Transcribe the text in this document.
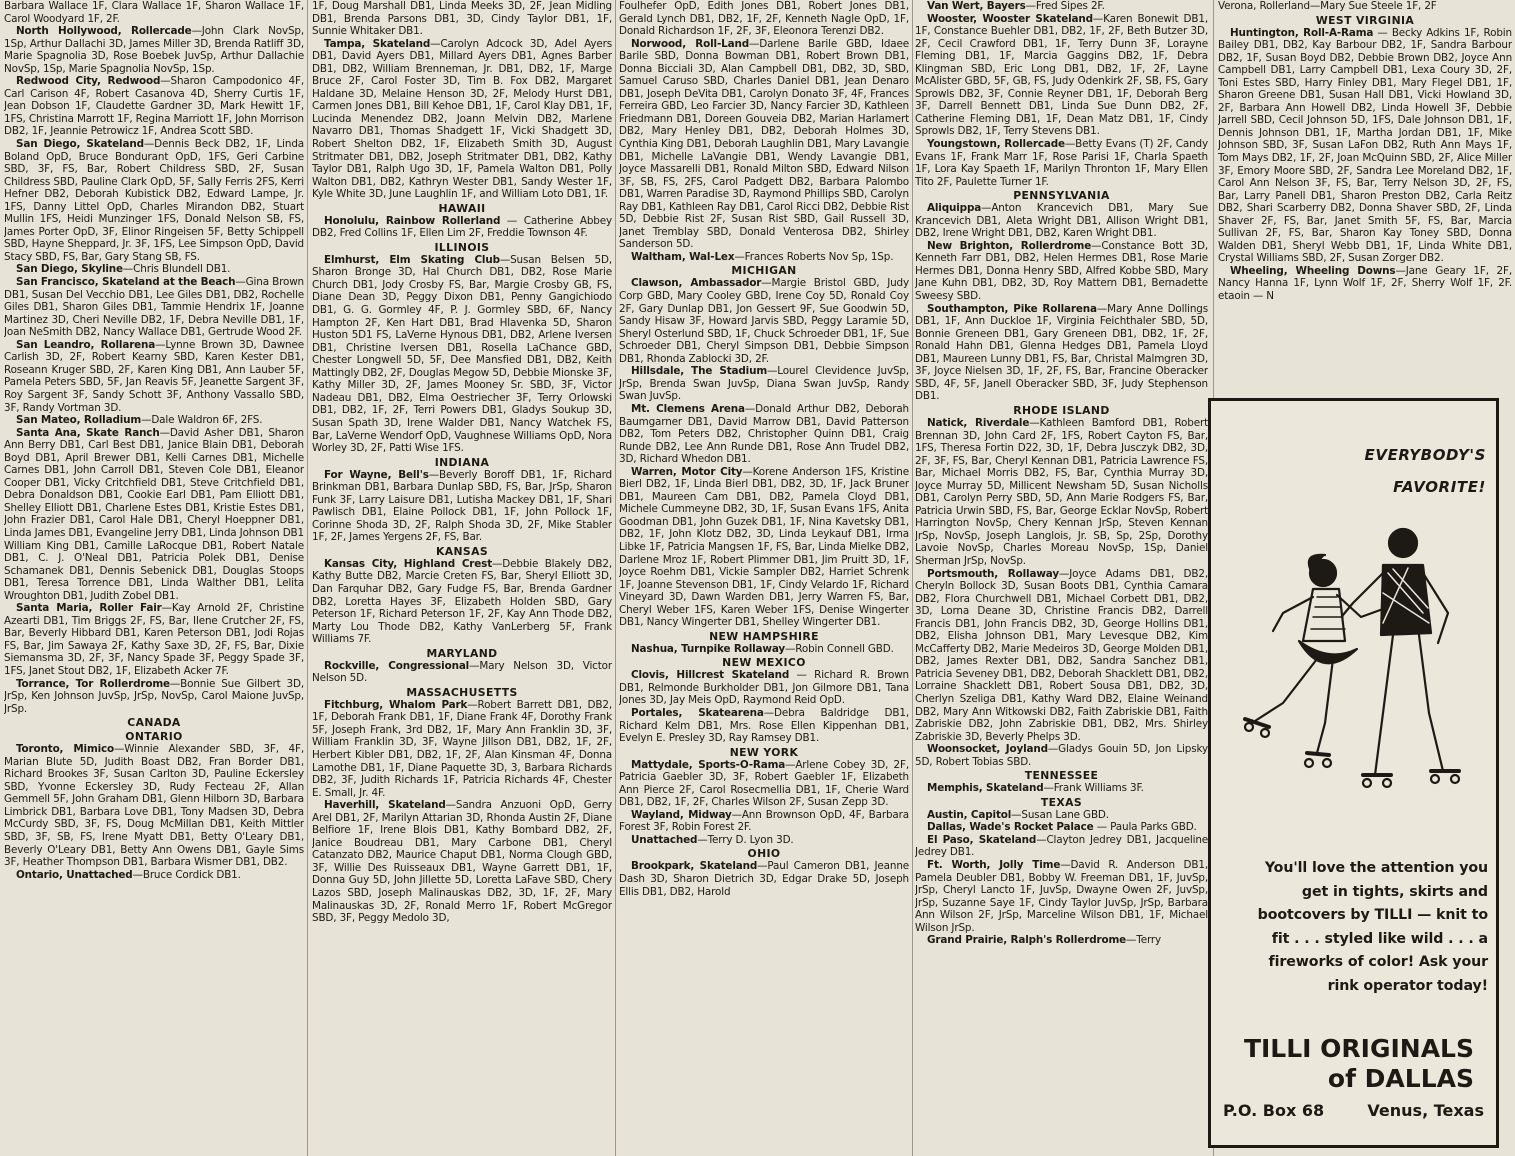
Barbara Wallace 1F, Clara Wallace 1F, Sharon Wallace 1F, Carol Woodyard 1F, 2F.

North Hollywood, Rollercade—John Clark NovSp, 1Sp, Arthur Dallachi 3D, James Miller 3D, Brenda Ratliff 3D, Marie Spagnolia 3D, Rose Boebek JuvSp, Arthur Dallachie NovSp, 1Sp, Marie Spagnolia NovSp, 1Sp.

Redwood City, Redwood—Sharon Campodonico 4F, Carl Carison 4F, Robert Casanova 4D, Sherry Curtis 1F, Jean Dobson 1F, Claudette Gardner 3D, Mark Hewitt 1F, 1FS, Christina Marrott 1F, Regina Marriott 1F, John Morrison DB2, 1F, Jeannie Petrowicz 1F, Andrea Scott SBD.

San Diego, Skateland—Dennis Beck DB2, 1F, Linda Boland OpD, Bruce Bondurant OpD, 1FS, Geri Carbine SBD, 3F, FS, Bar, Robert Childress SBD, 2F, Susan Childress SBD, Pauline Clark OpD, 5F, Sally Ferris 2FS, Kerri Hefner DB2, Deborah Kubistick DB2, Edward Lampe, Jr. 1FS, Danny Littel OpD, Charles Mirandon DB2, Stuart Mullin 1FS, Heidi Munzinger 1FS, Donald Nelson SB, FS, James Porter OpD, 3F, Elinor Ringeisen 5F, Betty Schippell SBD, Hayne Sheppard, Jr. 3F, 1FS, Lee Simpson OpD, David Stacy SBD, FS, Bar, Gary Stang SB, FS.

San Diego, Skyline—Chris Blundell DB1.

San Francisco, Skateland at the Beach—Gina Brown DB1, Susan Del Vecchio DB1, Lee Giles DB1, DB2, Rochelle Giles DB1, Sharon Giles DB1, Tammie Hendrix 1F, Joanne Martinez 3D, Cheri Neville DB2, 1F, Debra Neville DB1, 1F, Joan NeSmith DB2, Nancy Wallace DB1, Gertrude Wood 2F.

San Leandro, Rollarena—Lynne Brown 3D, Dawnee Carlish 3D, 2F, Robert Kearny SBD, Karen Kester DB1, Roseann Kruger SBD, 2F, Karen King DB1, Ann Lauber 5F, Pamela Peters SBD, 5F, Jan Reavis 5F, Jeanette Sargent 3F, Roy Sargent 3F, Sandy Schott 3F, Anthony Vassallo SBD, 3F, Randy Vortman 3D.

San Mateo, Rolladium—Dale Waldron 6F, 2FS.

Santa Ana, Skate Ranch—David Asher DB1, Sharon Ann Berry DB1, Carl Best DB1, Janice Blain DB1, Deborah Boyd DB1, April Brewer DB1, Kelli Carnes DB1, Michelle Carnes DB1, John Carroll DB1, Steven Cole DB1, Eleanor Cooper DB1, Vicky Critchfield DB1, Steve Critchfield DB1, Debra Donaldson DB1, Cookie Earl DB1, Pam Elliott DB1, Shelley Elliott DB1, Charlene Estes DB1, Kristie Estes DB1, John Frazier DB1, Carol Hale DB1, Cheryl Hoeppner DB1, Linda James DB1, Evangeline Jerry DB1, Linda Johnson DB1 William King DB1, Camille LaRocque DB1, Robert Natale DB1, C. J. O'Neal DB1, Patricia Polek DB1, Denise Schamanek DB1, Dennis Sebenick DB1, Douglas Stoops DB1, Teresa Torrence DB1, Linda Walther DB1, Lelita Wroughton DB1, Judith Zobel DB1.

Santa Maria, Roller Fair—Kay Arnold 2F, Christine Azearti DB1, Tim Briggs 2F, FS, Bar, Ilene Crutcher 2F, FS, Bar, Beverly Hibbard DB1, Karen Peterson DB1, Jodi Rojas FS, Bar, Jim Sawaya 2F, Kathy Saxe 3D, 2F, FS, Bar, Dixie Siemansma 3D, 2F, 3F, Nancy Spade 3F, Peggy Spade 3F, 1FS, Janet Stout DB2, 1F, Elizabeth Acker 7F.

Torrance, Tor Rollerdrome—Bonnie Sue Gilbert 3D, JrSp, Ken Johnson JuvSp, JrSp, NovSp, Carol Maione JuvSp, JrSp.

CANADA
ONTARIO

Toronto, Mimico—Winnie Alexander SBD, 3F, 4F, Marian Blute 5D, Judith Boast DB2, Fran Border DB1, Richard Brookes 3F, Susan Carlton 3D, Pauline Eckersley SBD, Yvonne Eckersley 3D, Rudy Fecteau 2F, Allan Gemmell 5F, John Graham DB1, Glenn Hilborn 3D, Barbara Limbrick DB1, Barbara Love DB1, Tony Madsen 3D, Debra McCurdy SBD, 3F, FS, Doug McMillan DB1, Keith Mittler SBD, 3F, SB, FS, Irene Myatt DB1, Betty O'Leary DB1, Beverly O'Leary DB1, Betty Ann Owens DB1, Gayle Sims 3F, Heather Thompson DB1, Barbara Wismer DB1, DB2.

Ontario, Unattached—Bruce Cordick DB1.

1F, Doug Marshall DB1, Linda Meeks 3D, 2F, Jean Midling DB1, Brenda Parsons DB1, 3D, Cindy Taylor DB1, 1F, Sunnie Whitaker DB1.

Tampa, Skateland—Carolyn Adcock 3D, Adel Ayers DB1, David Ayers DB1, Millard Ayers DB1, Agnes Barber DB1, DB2, William Brenneman, Jr. DB1, DB2, 1F, Marge Bruce 2F, Carol Foster 3D, Tim B. Fox DB2, Margaret Haldane 3D, Melaine Henson 3D, 2F, Melody Hurst DB1, Carmen Jones DB1, Bill Kehoe DB1, 1F, Carol Klay DB1, 1F, Lucinda Menendez DB2, Joann Melvin DB2, Marlene Navarro DB1, Thomas Shadgett 1F, Vicki Shadgett 3D, Robert Shelton DB2, 1F, Elizabeth Smith 3D, August Stritmater DB1, DB2, Joseph Stritmater DB1, DB2, Kathy Taylor DB1, Ralph Ugo 3D, 1F, Pamela Walton DB1, Polly Walton DB1, DB2, Kathryn Wester DB1, Sandy Wester 1F, Kyle White 3D, June Laughlin 1F, and William Loto DB1, 1F.

HAWAII

Honolulu, Rainbow Rollerland — Catherine Abbey DB2, Fred Collins 1F, Ellen Lim 2F, Freddie Townson 4F.

ILLINOIS

Elmhurst, Elm Skating Club—Susan Belsen 5D, Sharon Bronge 3D, Hal Church DB1, DB2, Rose Marie Church DB1, Jody Crosby FS, Bar, Margie Crosby GB, FS, Diane Dean 3D, Peggy Dixon DB1, Penny Gangichiodo DB1, G. G. Gormley 4F, P. J. Gormley SBD, 6F, Nancy Hampton 2F, Ken Hart DB1, Brad Hlavenka 5D, Sharon Huston 5D1 FS, LaVerne Hynous DB1, DB2, Arlene Iversen DB1, Christine Iversen DB1, Rosella LaChance GBD, Chester Longwell 5D, 5F, Dee Mansfied DB1, DB2, Keith Mattingly DB2, 2F, Douglas Megow 5D, Debbie Mionske 3F, Kathy Miller 3D, 2F, James Mooney Sr. SBD, 3F, Victor Nadeau DB1, DB2, Elma Oestriecher 3F, Terry Orlowski DB1, DB2, 1F, 2F, Terri Powers DB1, Gladys Soukup 3D, Susan Spath 3D, Irene Walder DB1, Nancy Watchek FS, Bar, LaVerne Wendorf OpD, Vaughnese Williams OpD, Nora Worley 3D, 2F, Patti Wise 1FS.

INDIANA

For Wayne, Bell's—Beverly Boroff DB1, 1F, Richard Brinkman DB1, Barbara Dunlap SBD, FS, Bar, JrSp, Sharon Funk 3F, Larry Laisure DB1, Lutisha Mackey DB1, 1F, Shari Pawlisch DB1, Elaine Pollock DB1, 1F, John Pollock 1F, Corinne Shoda 3D, 2F, Ralph Shoda 3D, 2F, Mike Stabler 1F, 2F, James Yergens 2F, FS, Bar.

KANSAS

Kansas City, Highland Crest—Debbie Blakely DB2, Kathy Butte DB2, Marcie Creten FS, Bar, Sheryl Elliott 3D, Dan Farquhar DB2, Gary Fudge FS, Bar, Brenda Gardner DB2, Loretta Hayes 3F, Elizabeth Holden SBD, Gary Peterson 1F, Richard Peterson 1F, 2F, Kay Ann Thode DB2, Marty Lou Thode DB2, Kathy VanLerberg 5F, Frank Williams 7F.

MARYLAND

Rockville, Congressional—Mary Nelson 3D, Victor Nelson 5D.

MASSACHUSETTS

Fitchburg, Whalom Park—Robert Barrett DB1, DB2, 1F, Deborah Frank DB1, 1F, Diane Frank 4F, Dorothy Frank 5F, Joseph Frank, 3rd DB2, 1F, Mary Ann Franklin 3D, 3F, William Franklin 3D, 3F, Wayne Jillson DB1, DB2, 1F, 2F, Herbert Kibler DB1, DB2, 1F, 2F, Alan Kinsman 4F, Donna Lamothe DB1, 1F, Diane Paquette 3D, 3, Barbara Richards DB2, 3F, Judith Richards 1F, Patricia Richards 4F, Chester E. Small, Jr. 4F.

Haverhill, Skateland—Sandra Anzuoni OpD, Gerry Arel DB1, 2F, Marilyn Attarian 3D, Rhonda Austin 2F, Diane Belfiore 1F, Irene Blois DB1, Kathy Bombard DB2, 2F, Janice Boudreau DB1, Mary Carbone DB1, Cheryl Catanzato DB2, Maurice Chaput DB1, Norma Clough GBD, 3F, Willie Des Ruisseaux DB1, Wayne Garrett DB1, 1F, Donna Guy 5D, John Jillette 5D, Loretta LaFave SBD, Chery Lazos SBD, Joseph Malinauskas DB2, 3D, 1F, 2F, Mary Malinauskas 3D, 2F, Ronald Merro 1F, Robert McGregor SBD, 3F, Peggy Medolo 3D,

Foulhefer OpD, Edith Jones DB1, Robert Jones DB1, Gerald Lynch DB1, DB2, 1F, 2F, Kenneth Nagle OpD, 1F, Donald Richardson 1F, 2F, 3F, Eleonora Terenzi DB2.

Norwood, Roll-Land—Darlene Barile GBD, Idaee Barile SBD, Donna Bowman DB1, Robert Brown DB1, Donna Bicciali 3D, Alan Campbell DB1, DB2, 3D, SBD, Samuel Caruso SBD, Charles Daniel DB1, Jean Denaro DB1, Joseph DeVita DB1, Carolyn Donato 3F, 4F, Frances Ferreira GBD, Leo Farcier 3D, Nancy Farcier 3D, Kathleen Friedmann DB1, Doreen Gouveia DB2, Marian Harlamert DB2, Mary Henley DB1, DB2, Deborah Holmes 3D, Cynthia King DB1, Deborah Laughlin DB1, Mary Lavangie DB1, Michelle LaVangie DB1, Wendy Lavangie DB1, Joyce Massarelli DB1, Ronald Milton SBD, Edward Nilson 3F, SB, FS, 2FS, Carol Padgett DB2, Barbara Palombo DB1, Warren Paradise 3D, Raymond Phillips SBD, Carolyn Ray DB1, Kathleen Ray DB1, Carol Ricci DB2, Debbie Rist 5D, Debbie Rist 2F, Susan Rist SBD, Gail Russell 3D, Janet Tremblay SBD, Donald Venterosa DB2, Shirley Sanderson 5D.

Waltham, Wal-Lex—Frances Roberts Nov Sp, 1Sp.

MICHIGAN

Clawson, Ambassador—Margie Bristol GBD, Judy Corp GBD, Mary Cooley GBD, Irene Coy 5D, Ronald Coy 2F, Gary Dunlap DB1, Jon Gessert 9F, Sue Goodwin 5D, Sandy Hisaw 3F, Howard Jarvis SBD, Peggy Laramie 5D, Sheryl Osterlund SBD, 1F, Chuck Schroeder DB1, 1F, Sue Schroeder DB1, Cheryl Simpson DB1, Debbie Simpson DB1, Rhonda Zablocki 3D, 2F.

Hillsdale, The Stadium—Lourel Clevidence JuvSp, JrSp, Brenda Swan JuvSp, Diana Swan JuvSp, Randy Swan JuvSp.

Mt. Clemens Arena—Donald Arthur DB2, Deborah Baumgarner DB1, David Marrow DB1, David Patterson DB2, Tom Peters DB2, Christopher Quinn DB1, Craig Runde DB2, Lee Ann Runde DB1, Rose Ann Trudel DB2, 3D, Richard Whedon DB1.

Warren, Motor City—Korene Anderson 1FS, Kristine Bierl DB2, 1F, Linda Bierl DB1, DB2, 3D, 1F, Jack Bruner DB1, Maureen Cam DB1, DB2, Pamela Cloyd DB1, Michele Cummeyne DB2, 3D, 1F, Susan Evans 1FS, Anita Goodman DB1, John Guzek DB1, 1F, Nina Kavetsky DB1, DB2, 1F, John Klotz DB2, 3D, Linda Leykauf DB1, Irma Libke 1F, Patricia Mangsen 1F, FS, Bar, Linda Mielke DB2, Darlene Mroz 1F, Robert Plimmer DB1, Jim Pruitt 3D, 1F, Joyce Roehm DB1, Vickie Sampler DB2, Harriet Schrenk 1F, Joanne Stevenson DB1, 1F, Cindy Velardo 1F, Richard Vineyard 3D, Dawn Warden DB1, Jerry Warren FS, Bar, Cheryl Weber 1FS, Karen Weber 1FS, Denise Wingerter DB1, Nancy Wingerter DB1, Shelley Wingerter DB1.

NEW HAMPSHIRE

Nashua, Turnpike Rollaway—Robin Connell GBD.

NEW MEXICO

Clovis, Hillcrest Skateland — Richard R. Brown DB1, Relmonde Burkholder DB1, Jon Gilmore DB1, Tana Jones 3D, Jay Meis OpD, Raymond Reid OpD.

Portales, Skatearena—Debra Baldridge DB1, Richard Kelm DB1, Mrs. Rose Ellen Kippenhan DB1, Evelyn E. Presley 3D, Ray Ramsey DB1.

NEW YORK

Mattydale, Sports-O-Rama—Arlene Cobey 3D, 2F, Patricia Gaebler 3D, 3F, Robert Gaebler 1F, Elizabeth Ann Pierce 2F, Carol Rosecmellia DB1, 1F, Cherie Ward DB1, DB2, 1F, 2F, Charles Wilson 2F, Susan Zepp 3D.

Wayland, Midway—Ann Brownson OpD, 4F, Barbara Forest 3F, Robin Forest 2F.

Unattached—Terry D. Lyon 3D.

OHIO

Brookpark, Skateland—Paul Cameron DB1, Jeanne Dash 3D, Sharon Dietrich 3D, Edgar Drake 5D, Joseph Ellis DB1, DB2, Harold

Van Wert, Bayers—Fred Sipes 2F.

Wooster, Wooster Skateland—Karen Bonewit DB1, 1F, Constance Buehler DB1, DB2, 1F, 2F, Beth Butzer 3D, 2F, Cecil Crawford DB1, 1F, Terry Dunn 3F, Lorayne Fleming DB1, 1F, Marcia Gaggins DB2, 1F, Debra Klingman SBD, Eric Long DB1, DB2, 1F, 2F, Layne McAlister GBD, 5F, GB, FS, Judy Odenkirk 2F, SB, FS, Gary Sprowls DB2, 3F, Connie Reyner DB1, 1F, Deborah Berg 3F, Darrell Bennett DB1, Linda Sue Dunn DB2, 2F, Catherine Fleming DB1, 1F, Dean Matz DB1, 1F, Cindy Sprowls DB2, 1F, Terry Stevens DB1.

Youngstown, Rollercade—Betty Evans (T) 2F, Candy Evans 1F, Frank Marr 1F, Rose Parisi 1F, Charla Spaeth 1F, Lora Kay Spaeth 1F, Marilyn Thronton 1F, Mary Ellen Tito 2F, Paulette Turner 1F.

PENNSYLVANIA

Aliquippa—Anton Krancevich DB1, Mary Sue Krancevich DB1, Aleta Wright DB1, Allison Wright DB1, DB2, Irene Wright DB1, DB2, Karen Wright DB1.

New Brighton, Rollerdrome—Constance Bott 3D, Kenneth Farr DB1, DB2, Helen Hermes DB1, Rose Marie Hermes DB1, Donna Henry SBD, Alfred Kobbe SBD, Mary Jane Kuhn DB1, DB2, 3D, Roy Mattern DB1, Bernadette Sweesy SBD.

Southampton, Pike Rollarena—Mary Anne Dollings DB1, 1F, Ann Duckloe 1F, Virginia Feichthaler SBD, 5D, Bonnie Greneen DB1, Gary Greneen DB1, DB2, 1F, 2F, Ronald Hahn DB1, Glenna Hedges DB1, Pamela Lloyd DB1, Maureen Lunny DB1, FS, Bar, Christal Malmgren 3D, 3F, Joyce Nielsen 3D, 1F, 2F, FS, Bar, Francine Oberacker SBD, 4F, 5F, Janell Oberacker SBD, 3F, Judy Stephenson DB1.

RHODE ISLAND

Natick, Riverdale—Kathleen Bamford DB1, Robert Brennan 3D, John Card 2F, 1FS, Robert Cayton FS, Bar, 1FS, Theresa Fortin D22, 3D, 1F, Debra Jusczyk DB2, 3D, 2F, 3F, FS, Bar, Cheryl Kennan DB1, Patricia Lawrence FS, Bar, Michael Morris DB2, FS, Bar, Cynthia Murray 3D, Joyce Murray 5D, Millicent Newsham 5D, Susan Nicholls DB1, Carolyn Perry SBD, 5D, Ann Marie Rodgers FS, Bar, Patricia Urwin SBD, FS, Bar, George Ecklar NovSp, Robert Harrington NovSp, Chery Kennan JrSp, Steven Kennan JrSp, NovSp, Joseph Langlois, Jr. SB, Sp, 2Sp, Dorothy Lavoie NovSp, Charles Moreau NovSp, 1Sp, Daniel Sherman JrSp, NovSp.

Portsmouth, Rollaway—Joyce Adams DB1, DB2, Cheryln Bollock 3D, Susan Boots DB1, Cynthia Camara DB2, Flora Churchwell DB1, Michael Corbett DB1, DB2, 3D, Lorna Deane 3D, Christine Francis DB2, Darrell Francis DB1, John Francis DB2, 3D, George Hollins DB1, DB2, Elisha Johnson DB1, Mary Levesque DB2, Kim McCafferty DB2, Marie Medeiros 3D, George Molden DB1, DB2, James Rexter DB1, DB2, Sandra Sanchez DB1, Patricia Seveney DB1, DB2, Deborah Shacklett DB1, DB2, Lorraine Shacklett DB1, Robert Sousa DB1, DB2, 3D, Cherlyn Szeliga DB1, Kathy Ward DB2, Elaine Weinand DB2, Mary Ann Witkowski DB2, Faith Zabriskie DB1, Faith Zabriskie DB2, John Zabriskie DB1, DB2, Mrs. Shirley Zabriskie 3D, Beverly Phelps 3D.

Woonsocket, Joyland—Gladys Gouin 5D, Jon Lipsky 5D, Robert Tobias SBD.

TENNESSEE

Memphis, Skateland—Frank Williams 3F.

TEXAS

Austin, Capitol—Susan Lane GBD.

Dallas, Wade's Rocket Palace — Paula Parks GBD.

El Paso, Skateland—Clayton Jedrey DB1, Jacqueline Jedrey DB1.

Ft. Worth, Jolly Time—David R. Anderson DB1, Pamela Deubler DB1, Bobby W. Freeman DB1, 1F, JuvSp, JrSp, Cheryl Lancto 1F, JuvSp, Dwayne Owen 2F, JuvSp, JrSp, Suzanne Saye 1F, Cindy Taylor JuvSp, JrSp, Barbara Ann Wilson 2F, JrSp, Marceline Wilson DB1, 1F, Michael Wilson JrSp.

Grand Prairie, Ralph's Rollerdrome—Terry

Verona, Rollerland—Mary Sue Steele 1F, 2F

WEST VIRGINIA

Huntington, Roll-A-Rama — Becky Adkins 1F, Robin Bailey DB1, DB2, Kay Barbour DB2, 1F, Sandra Barbour DB2, 1F, Susan Boyd DB2, Debbie Brown DB2, Joyce Ann Campbell DB1, Larry Campbell DB1, Lexa Coury 3D, 2F, Toni Estes SBD, Harry Finley DB1, Mary Flegel DB1, 1F, Sharon Greene DB1, Susan Hall DB1, Vicki Howland 3D, 2F, Barbara Ann Howell DB2, Linda Howell 3F, Debbie Jarrell SBD, Cecil Johnson 5D, 1FS, Dale Johnson DB1, 1F, Dennis Johnson DB1, 1F, Martha Jordan DB1, 1F, Mike Johnson SBD, 3F, Susan LaFon DB2, Ruth Ann Mays 1F, Tom Mays DB2, 1F, 2F, Joan McQuinn SBD, 2F, Alice Miller 3F, Emory Moore SBD, 2F, Sandra Lee Moreland DB2, 1F, Carol Ann Nelson 3F, FS, Bar, Terry Nelson 3D, 2F, FS, Bar, Larry Panell DB1, Sharon Preston DB2, Carla Reitz DB2, Shari Scarberry DB2, Donna Shaver SBD, 2F, Linda Shaver 2F, FS, Bar, Janet Smith 5F, FS, Bar, Marcia Sullivan 2F, FS, Bar, Sharon Kay Toney SBD, Donna Walden DB1, Sheryl Webb DB1, 1F, Linda White DB1, Crystal Williams SBD, 2F, Susan Zorger DB2.

Wheeling, Wheeling Downs—Jane Geary 1F, 2F, Nancy Hanna 1F, Lynn Wolf 1F, 2F, Sherry Wolf 1F, 2F. etaoin — N

EVERYBODY'S FAVORITE!
You'll love the attention you get in tights, skirts and bootcovers by TILLI — knit to fit . . . styled like wild . . . a fireworks of color! Ask your rink operator today!
TILLI ORIGINALS
of DALLAS
P.O. Box 68	Venus, Texas
